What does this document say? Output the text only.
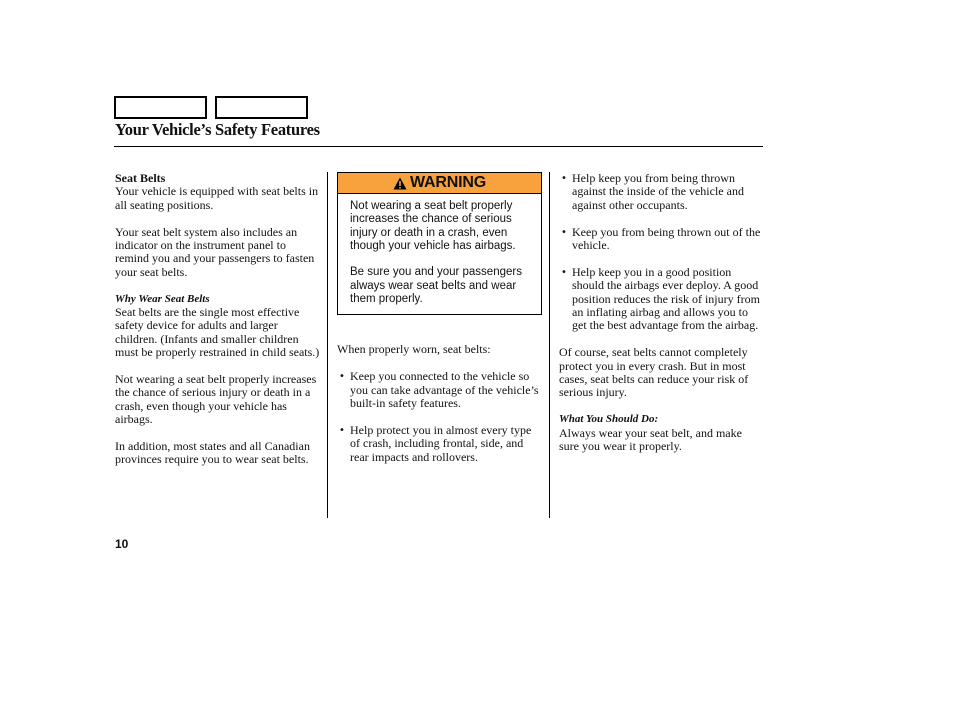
Your Vehicle’s Safety Features

Seat Belts

Your vehicle is equipped with seat belts in all seating positions.

Your seat belt system also includes an indicator on the instrument panel to remind you and your passengers to fasten your seat belts.

Why Wear Seat Belts

Seat belts are the single most effective safety device for adults and larger children. (Infants and smaller children must be properly restrained in child seats.)

Not wearing a seat belt properly increases the chance of serious injury or death in a crash, even though your vehicle has airbags.

In addition, most states and all Canadian provinces require you to wear seat belts.

WARNING

Not wearing a seat belt properly increases the chance of serious injury or death in a crash, even though your vehicle has airbags.

Be sure you and your passengers always wear seat belts and wear them properly.

When properly worn, seat belts:

• Keep you connected to the vehicle so you can take advantage of the vehicle’s built-in safety features.
• Help protect you in almost every type of crash, including frontal, side, and rear impacts and rollovers.
• Help keep you from being thrown against the inside of the vehicle and against other occupants.
• Keep you from being thrown out of the vehicle.
• Help keep you in a good position should the airbags ever deploy. A good position reduces the risk of injury from an inflating airbag and allows you to get the best advantage from the airbag.

Of course, seat belts cannot completely protect you in every crash. But in most cases, seat belts can reduce your risk of serious injury.

What You Should Do:

Always wear your seat belt, and make sure you wear it properly.

10
